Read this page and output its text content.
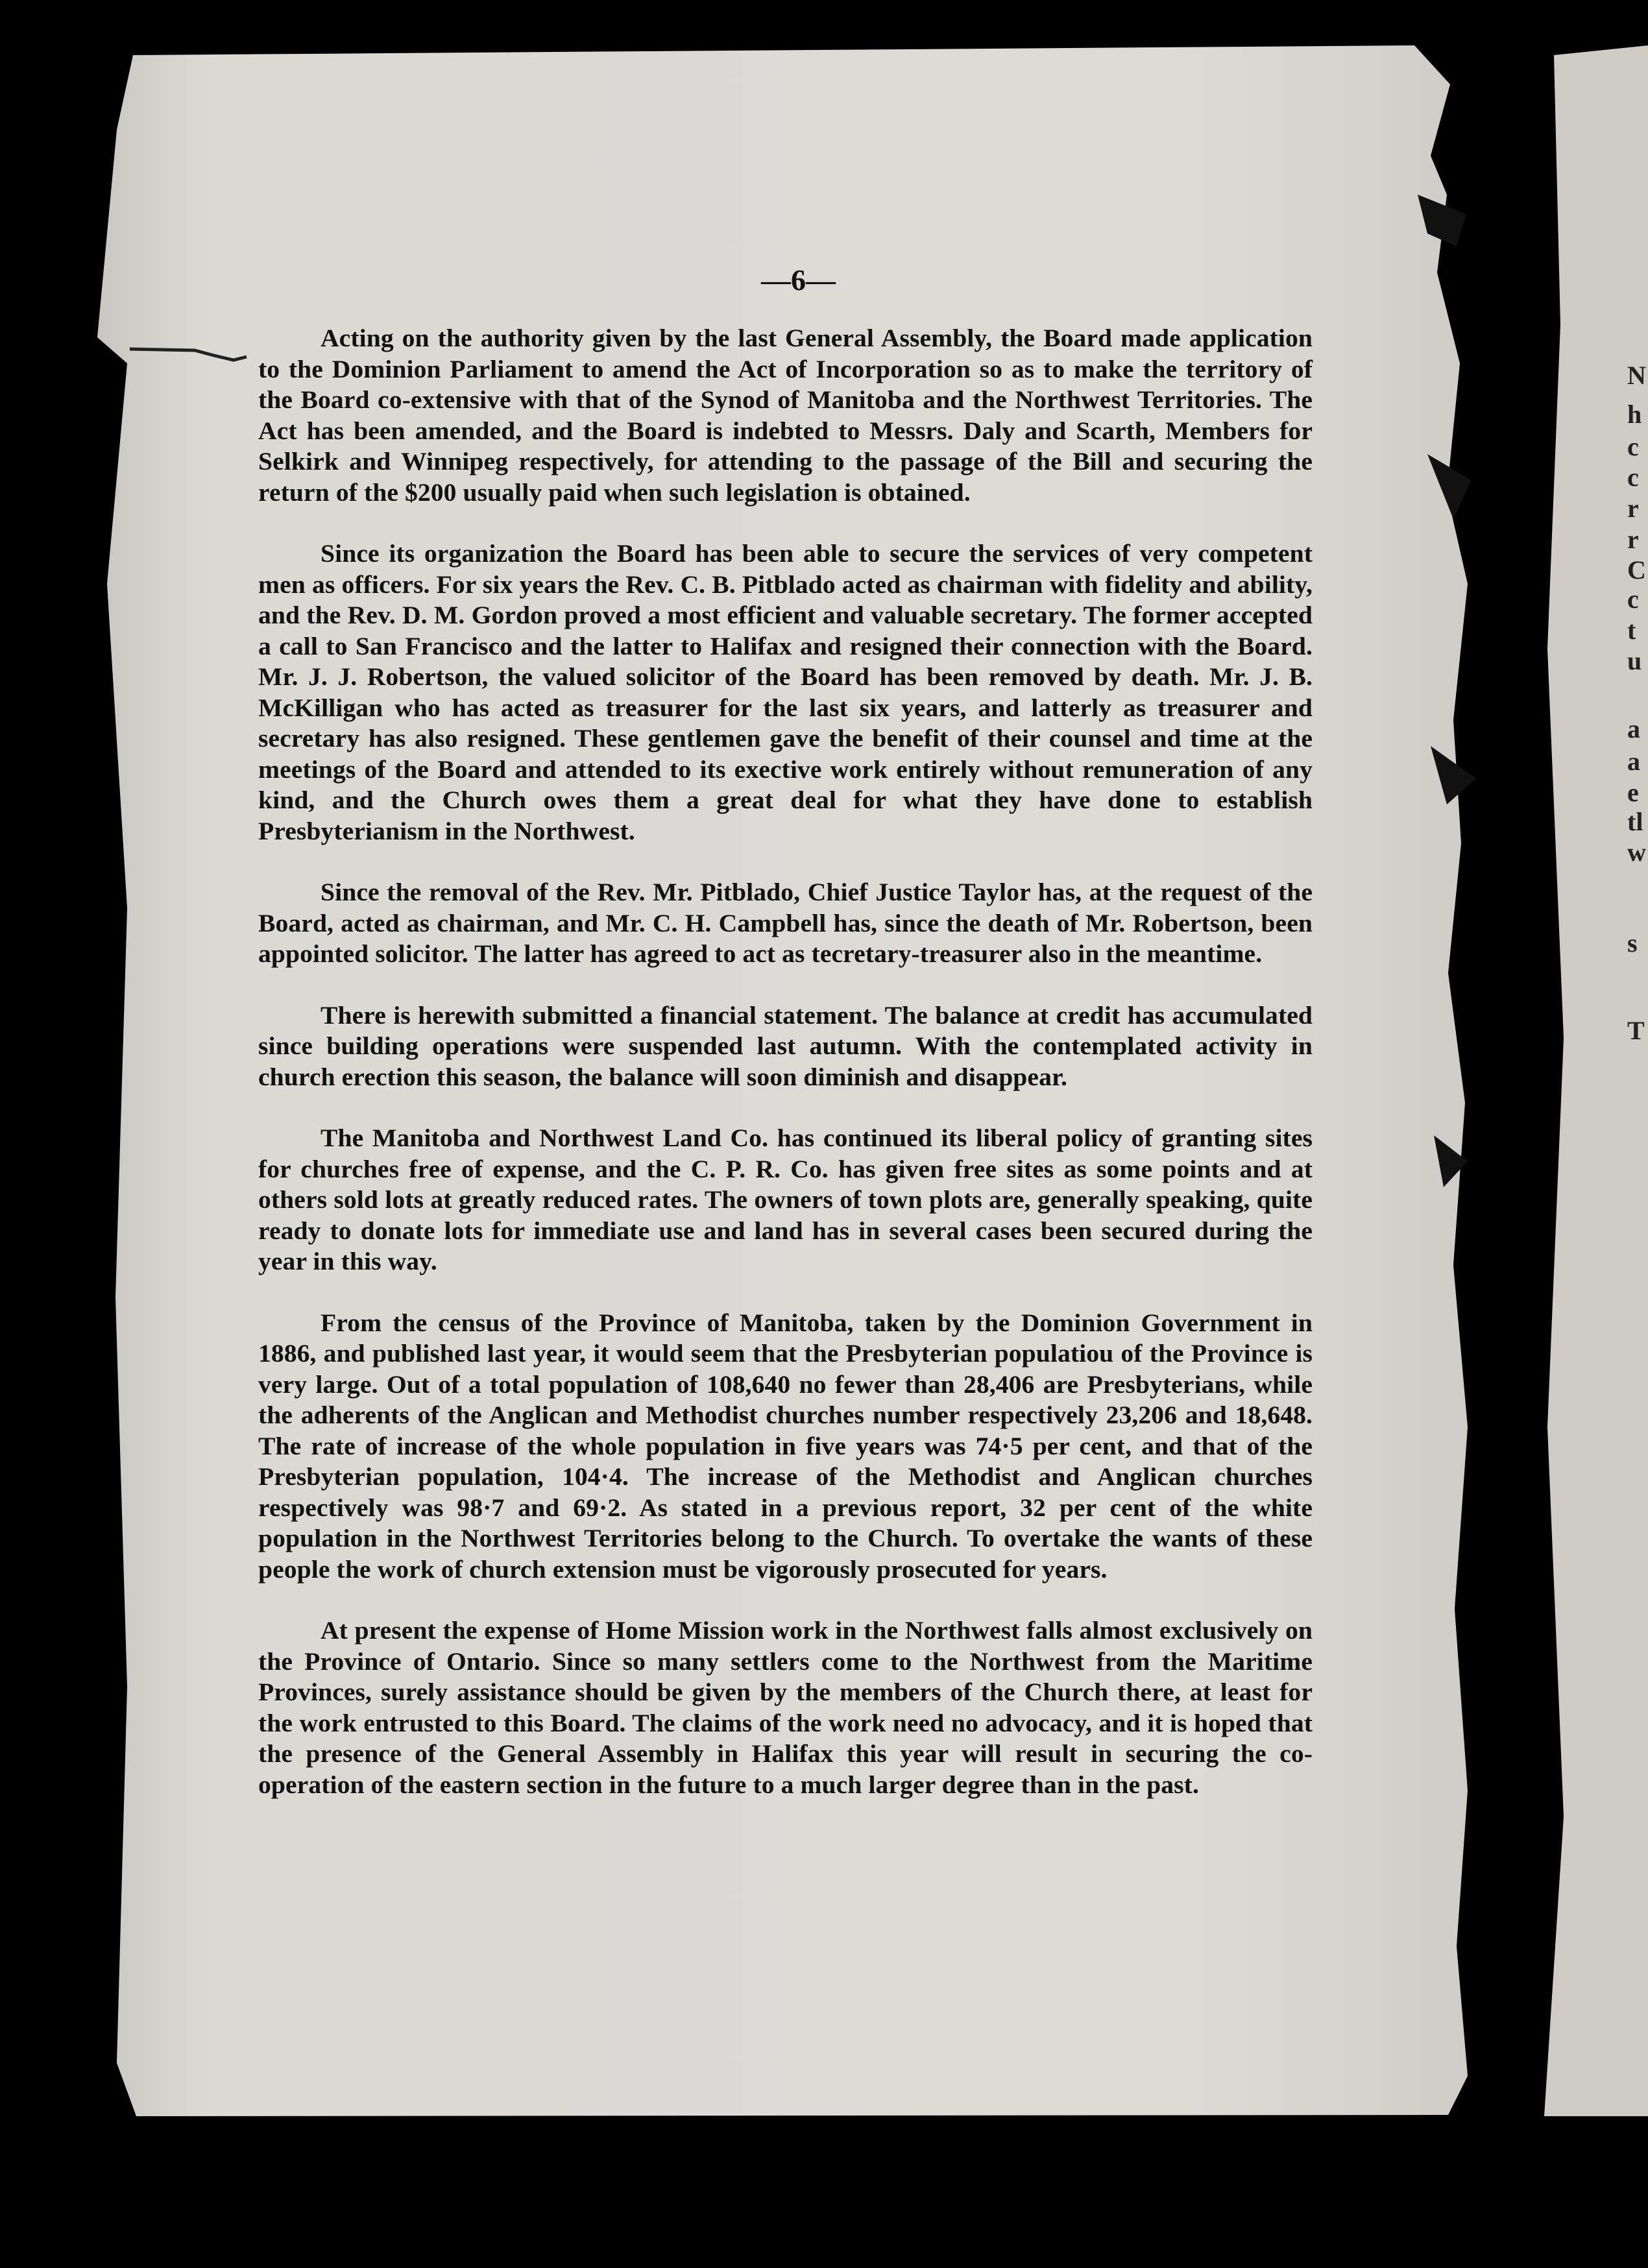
—6—

Acting on the authority given by the last General Assembly, the Board made application to the Dominion Parliament to amend the Act of Incorporation so as to make the territory of the Board co-extensive with that of the Synod of Manitoba and the Northwest Territories. The Act has been amended, and the Board is indebted to Messrs. Daly and Scarth, Members for Selkirk and Winnipeg respectively, for attending to the passage of the Bill and securing the return of the $200 usually paid when such legislation is obtained.

Since its organization the Board has been able to secure the services of very competent men as officers. For six years the Rev. C. B. Pitblado acted as chairman with fidelity and ability, and the Rev. D. M. Gordon proved a most efficient and valuable secretary. The former accepted a call to San Francisco and the latter to Halifax and resigned their connection with the Board. Mr. J. J. Robertson, the valued solicitor of the Board has been removed by death. Mr. J. B. McKilligan who has acted as treasurer for the last six years, and latterly as treasurer and secretary has also resigned. These gentlemen gave the benefit of their counsel and time at the meetings of the Board and attended to its exective work entirely without remuneration of any kind, and the Church owes them a great deal for what they have done to establish Presbyterianism in the Northwest.

Since the removal of the Rev. Mr. Pitblado, Chief Justice Taylor has, at the request of the Board, acted as chairman, and Mr. C. H. Campbell has, since the death of Mr. Robertson, been appointed solicitor. The latter has agreed to act as tecretary-treasurer also in the meantime.

There is herewith submitted a financial statement. The balance at credit has accumulated since building operations were suspended last autumn. With the contemplated activity in church erection this season, the balance will soon diminish and disappear.

The Manitoba and Northwest Land Co. has continued its liberal policy of granting sites for churches free of expense, and the C. P. R. Co. has given free sites as some points and at others sold lots at greatly reduced rates. The owners of town plots are, generally speaking, quite ready to donate lots for immediate use and land has in several cases been secured during the year in this way.

From the census of the Province of Manitoba, taken by the Dominion Government in 1886, and published last year, it would seem that the Presbyterian populatiou of the Province is very large. Out of a total population of 108,640 no fewer than 28,406 are Presbyterians, while the adherents of the Anglican and Methodist churches number respectively 23,206 and 18,648. The rate of increase of the whole population in five years was 74·5 per cent, and that of the Presbyterian population, 104·4. The increase of the Methodist and Anglican churches respectively was 98·7 and 69·2. As stated in a previous report, 32 per cent of the white population in the Northwest Territories belong to the Church. To overtake the wants of these people the work of church extension must be vigorously prosecuted for years.

At present the expense of Home Mission work in the Northwest falls almost exclusively on the Province of Ontario. Since so many settlers come to the Northwest from the Maritime Provinces, surely assistance should be given by the members of the Church there, at least for the work entrusted to this Board. The claims of the work need no advocacy, and it is hoped that the presence of the General Assembly in Halifax this year will result in securing the co-operation of the eastern section in the future to a much larger degree than in the past.

N
h
c
c
r
r
C
c
t
u
a
a
e
tl
w
s
T
